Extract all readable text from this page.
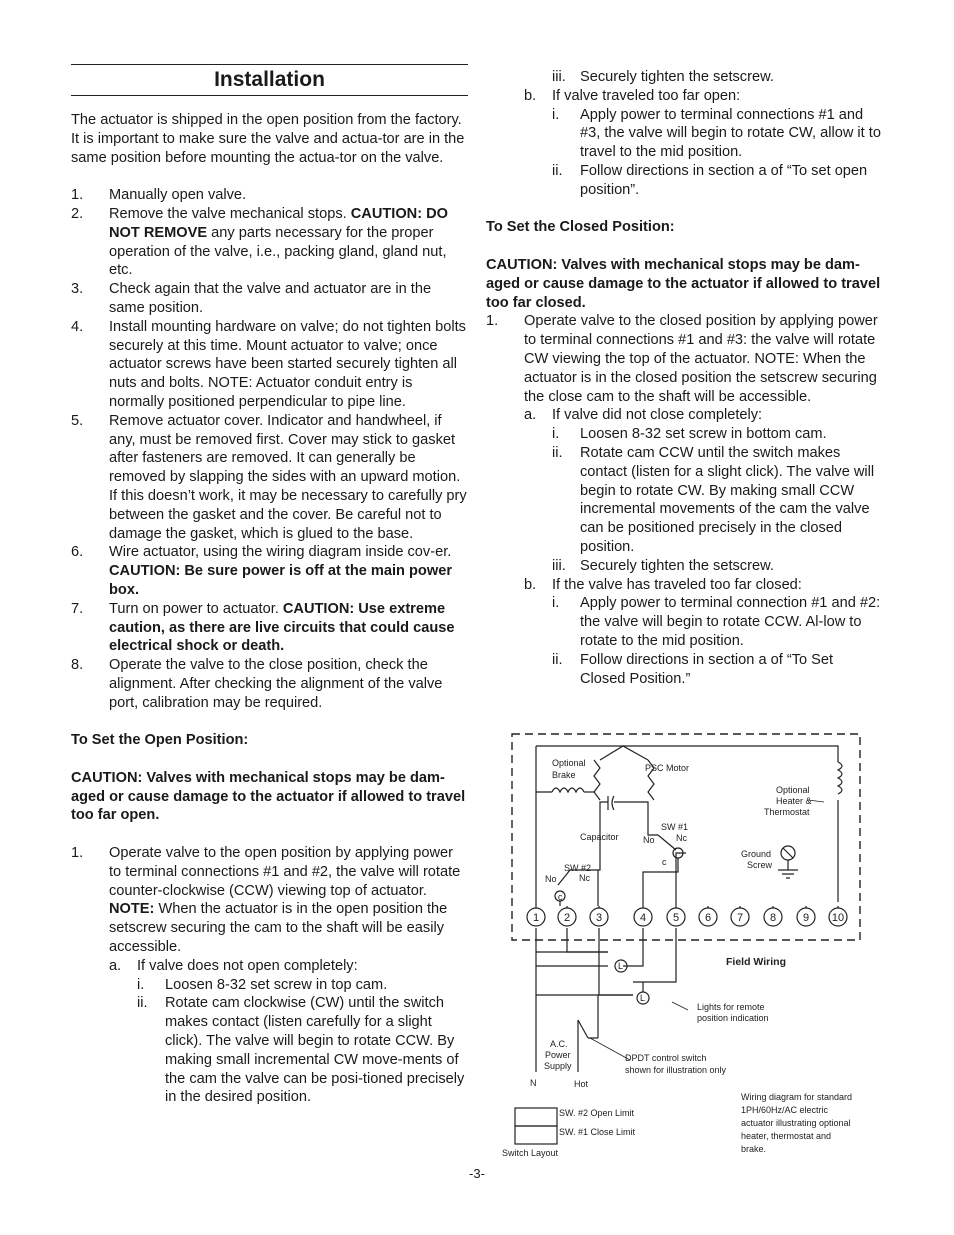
Installation

The actuator is shipped in the open position from the factory. It is important to make sure the valve and actua-tor are in the same position before mounting the actua-tor on the valve.

1. Manually open valve.
2. Remove the valve mechanical stops. CAUTION: DO NOT REMOVE any parts necessary for the proper operation of the valve, i.e., packing gland, gland nut, etc.
3. Check again that the valve and actuator are in the same position.
4. Install mounting hardware on valve; do not tighten bolts securely at this time. Mount actuator to valve; once actuator screws have been started securely tighten all nuts and bolts. NOTE: Actuator conduit entry is normally positioned perpendicular to pipe line.
5. Remove actuator cover. Indicator and handwheel, if any, must be removed first. Cover may stick to gasket after fasteners are removed. It can generally be removed by slapping the sides with an upward motion. If this doesn’t work, it may be necessary to carefully pry between the gasket and the cover. Be careful not to damage the gasket, which is glued to the base.
6. Wire actuator, using the wiring diagram inside cov-er. CAUTION: Be sure power is off at the main power box.
7. Turn on power to actuator. CAUTION: Use extreme caution, as there are live circuits that could cause electrical shock or death.
8. Operate the valve to the close position, check the alignment. After checking the alignment of the valve port, calibration may be required.

To Set the Open Position:

CAUTION: Valves with mechanical stops may be dam-aged or cause damage to the actuator if allowed to travel too far open.

1. Operate valve to the open position by applying power to terminal connections #1 and #2, the valve will rotate counter-clockwise (CCW) viewing top of actuator. NOTE: When the actuator is in the open position the setscrew securing the cam to the shaft will be easily accessible.
a. If valve does not open completely:
i. Loosen 8-32 set screw in top cam.
ii. Rotate cam clockwise (CW) until the switch makes contact (listen carefully for a slight click). The valve will begin to rotate CCW. By making small incremental CW move-ments of the cam the valve can be posi-tioned precisely in the desired position.
iii. Securely tighten the setscrew.
b. If valve traveled too far open:
i. Apply power to terminal connections #1 and #3, the valve will begin to rotate CW, allow it to travel to the mid position.
ii. Follow directions in section a of “To set open position”.

To Set the Closed Position:

CAUTION: Valves with mechanical stops may be dam-aged or cause damage to the actuator if allowed to travel too far closed.

1. Operate valve to the closed position by applying power to terminal connections #1 and #3: the valve will rotate CW viewing the top of the actuator. NOTE: When the actuator is in the closed position the setscrew securing the close cam to the shaft will be accessible.
a. If valve did not close completely:
i. Loosen 8-32 set screw in bottom cam.
ii. Rotate cam CCW until the switch makes contact (listen for a slight click). The valve will begin to rotate CW. By making small CCW incremental movements of the cam the valve can be positioned precisely in the closed position.
iii. Securely tighten the setscrew.
b. If the valve has traveled too far closed:
i. Apply power to terminal connection #1 and #2: the valve will begin to rotate CCW. Al-low to rotate to the mid position.
ii. Follow directions in section a of “To Set Closed Position.”
1 2 3	4 5 6 7 8 9 10
Optional
Brake
PSC Motor
Optional
Heater &
Thermostat
Capacitor
SW #1
No Nc
c
SW #2
No Nc
c
Ground
Screw
Field Wiring
L
L
Lights for remote
position indication
A.C.
Power
Supply
N	Hot
DPDT control switch
shown for illustration only
SW. #2 Open Limit
SW. #1 Close Limit
Switch Layout
Wiring diagram for standard
1PH/60Hz/AC electric
actuator illustrating optional
heater, thermostat and
brake.
-3-
